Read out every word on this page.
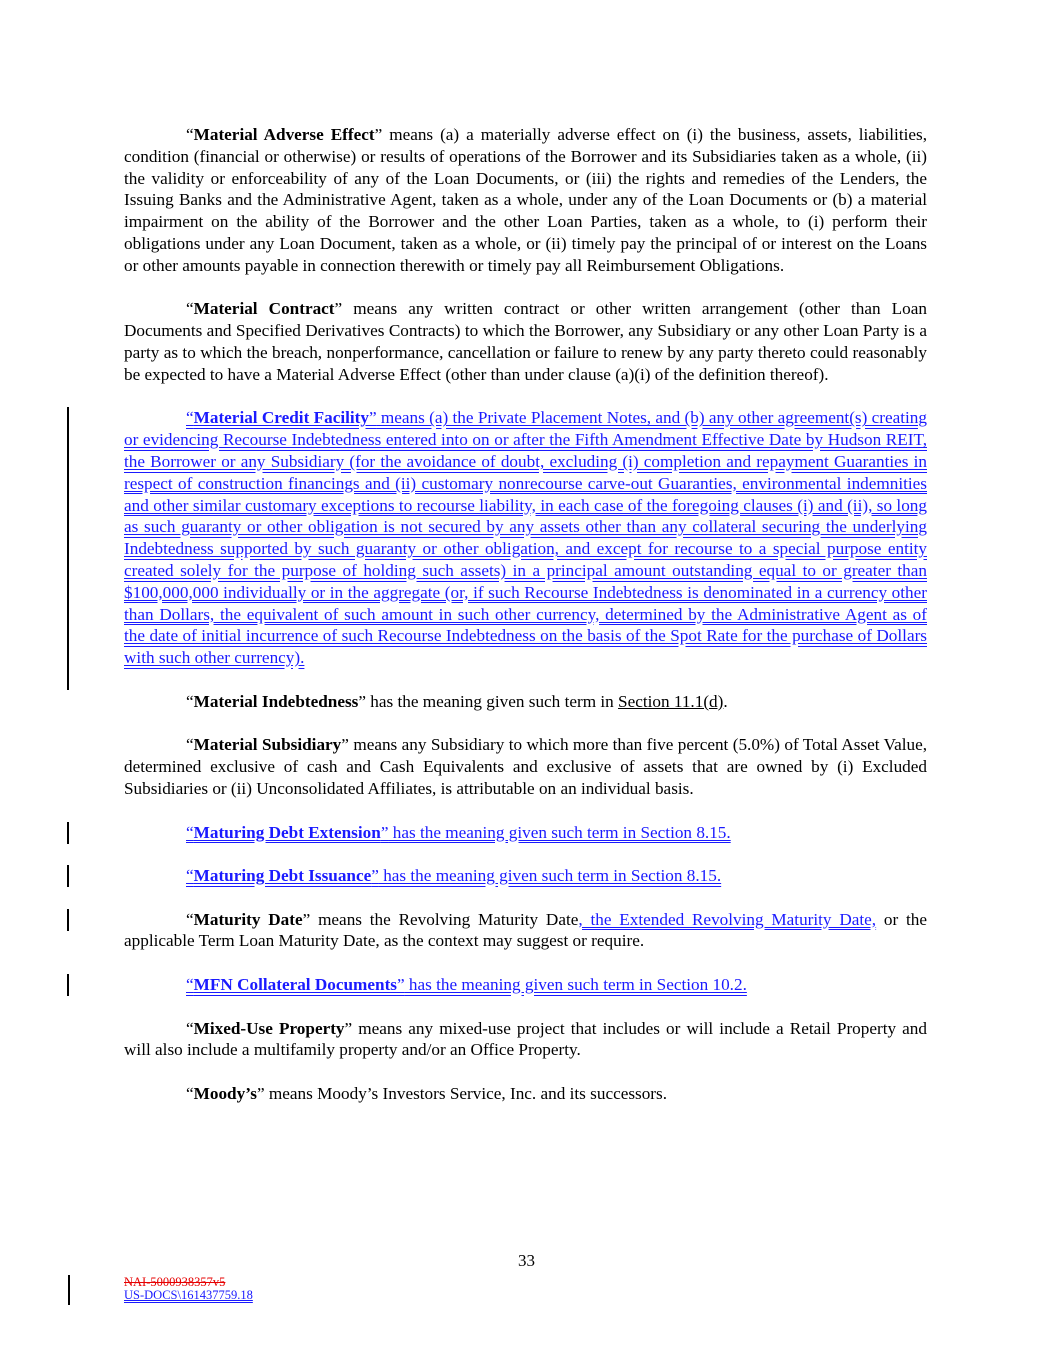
“Material Adverse Effect” means (a) a materially adverse effect on (i) the business, assets, liabilities, condition (financial or otherwise) or results of operations of the Borrower and its Subsidiaries taken as a whole, (ii) the validity or enforceability of any of the Loan Documents, or (iii) the rights and remedies of the Lenders, the Issuing Banks and the Administrative Agent, taken as a whole, under any of the Loan Documents or (b) a material impairment on the ability of the Borrower and the other Loan Parties, taken as a whole, to (i) perform their obligations under any Loan Document, taken as a whole, or (ii) timely pay the principal of or interest on the Loans or other amounts payable in connection therewith or timely pay all Reimbursement Obligations.

“Material Contract” means any written contract or other written arrangement (other than Loan Documents and Specified Derivatives Contracts) to which the Borrower, any Subsidiary or any other Loan Party is a party as to which the breach, nonperformance, cancellation or failure to renew by any party thereto could reasonably be expected to have a Material Adverse Effect (other than under clause (a)(i) of the definition thereof).

“Material Credit Facility” means (a) the Private Placement Notes, and (b) any other agreement(s) creating or evidencing Recourse Indebtedness entered into on or after the Fifth Amendment Effective Date by Hudson REIT, the Borrower or any Subsidiary (for the avoidance of doubt, excluding (i) completion and repayment Guaranties in respect of construction financings and (ii) customary nonrecourse carve-out Guaranties, environmental indemnities and other similar customary exceptions to recourse liability, in each case of the foregoing clauses (i) and (ii), so long as such guaranty or other obligation is not secured by any assets other than any collateral securing the underlying Indebtedness supported by such guaranty or other obligation, and except for recourse to a special purpose entity created solely for the purpose of holding such assets) in a principal amount outstanding equal to or greater than $100,000,000 individually or in the aggregate (or, if such Recourse Indebtedness is denominated in a currency other than Dollars, the equivalent of such amount in such other currency, determined by the Administrative Agent as of the date of initial incurrence of such Recourse Indebtedness on the basis of the Spot Rate for the purchase of Dollars with such other currency).

“Material Indebtedness” has the meaning given such term in Section 11.1(d).

“Material Subsidiary” means any Subsidiary to which more than five percent (5.0%) of Total Asset Value, determined exclusive of cash and Cash Equivalents and exclusive of assets that are owned by (i) Excluded Subsidiaries or (ii) Unconsolidated Affiliates, is attributable on an individual basis.

“Maturing Debt Extension” has the meaning given such term in Section 8.15.

“Maturing Debt Issuance” has the meaning given such term in Section 8.15.

“Maturity Date” means the Revolving Maturity Date, the Extended Revolving Maturity Date, or the applicable Term Loan Maturity Date, as the context may suggest or require.

“MFN Collateral Documents” has the meaning given such term in Section 10.2.

“Mixed-Use Property” means any mixed-use project that includes or will include a Retail Property and will also include a multifamily property and/or an Office Property.

“Moody’s” means Moody’s Investors Service, Inc. and its successors.

33
NAI-5000938357v5
US-DOCS\161437759.18
